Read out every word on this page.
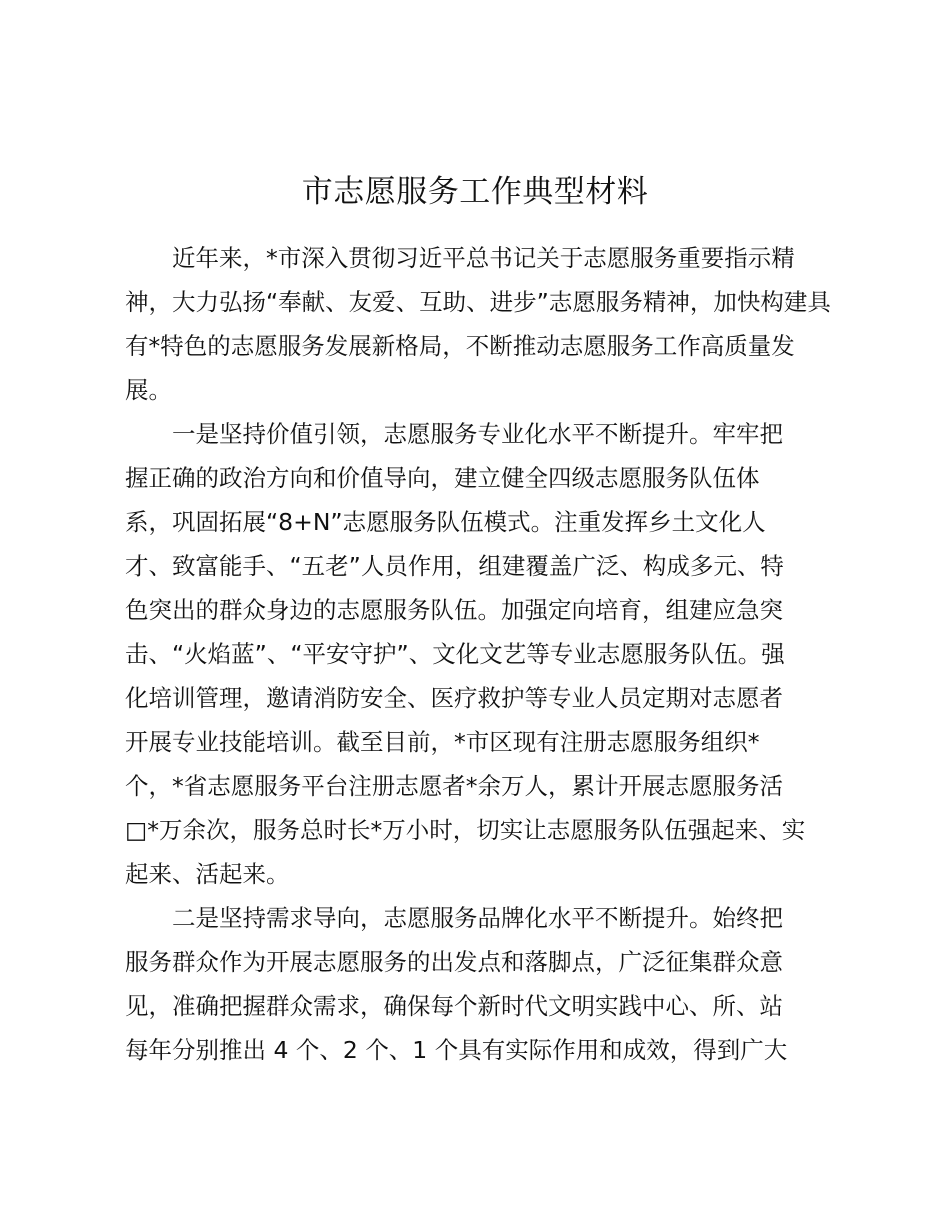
市志愿服务工作典型材料

近年来，*市深入贯彻习近平总书记关于志愿服务重要指示精

神，大力弘扬“奉献、友爱、互助、进步”志愿服务精神，加快构建具

有*特色的志愿服务发展新格局，不断推动志愿服务工作高质量发

展。

一是坚持价值引领，志愿服务专业化水平不断提升。牢牢把

握正确的政治方向和价值导向，建立健全四级志愿服务队伍体

系，巩固拓展“8+N”志愿服务队伍模式。注重发挥乡土文化人

才、致富能手、“五老”人员作用，组建覆盖广泛、构成多元、特

色突出的群众身边的志愿服务队伍。加强定向培育，组建应急突

击、“火焰蓝”、“平安守护”、文化文艺等专业志愿服务队伍。强

化培训管理，邀请消防安全、医疗救护等专业人员定期对志愿者

开展专业技能培训。截至目前，*市区现有注册志愿服务组织*

个，*省志愿服务平台注册志愿者*余万人，累计开展志愿服务活

□*万余次，服务总时长*万小时，切实让志愿服务队伍强起来、实

起来、活起来。

二是坚持需求导向，志愿服务品牌化水平不断提升。始终把

服务群众作为开展志愿服务的出发点和落脚点，广泛征集群众意

见，准确把握群众需求，确保每个新时代文明实践中心、所、站

每年分别推出 4 个、2 个、1 个具有实际作用和成效，得到广大
